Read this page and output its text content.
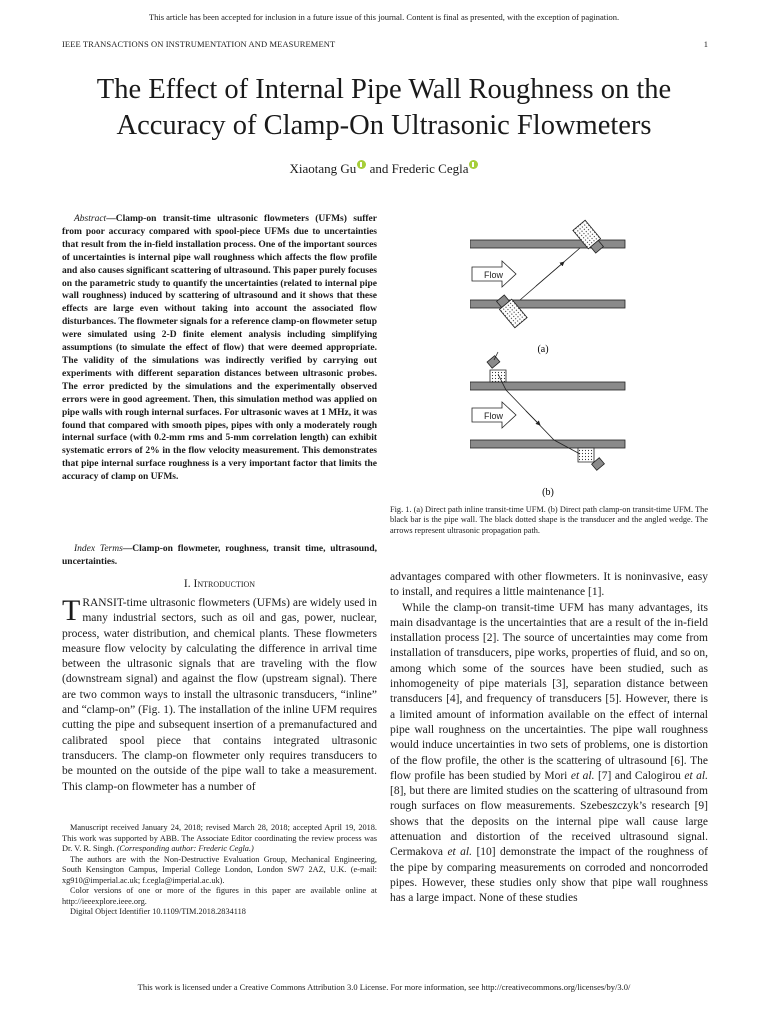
This article has been accepted for inclusion in a future issue of this journal. Content is final as presented, with the exception of pagination.
IEEE TRANSACTIONS ON INSTRUMENTATION AND MEASUREMENT	1
The Effect of Internal Pipe Wall Roughness on the Accuracy of Clamp-On Ultrasonic Flowmeters
Xiaotang Gu and Frederic Cegla
Abstract—Clamp-on transit-time ultrasonic flowmeters (UFMs) suffer from poor accuracy compared with spool-piece UFMs due to uncertainties that result from the in-field installation process. One of the important sources of uncertainties is internal pipe wall roughness which affects the flow profile and also causes significant scattering of ultrasound. This paper purely focuses on the parametric study to quantify the uncertainties (related to internal pipe wall roughness) induced by scattering of ultrasound and it shows that these effects are large even without taking into account the associated flow disturbances. The flowmeter signals for a reference clamp-on flowmeter setup were simulated using 2-D finite element analysis including simplifying assumptions (to simulate the effect of flow) that were deemed appropriate. The validity of the simulations was indirectly verified by carrying out experiments with different separation distances between ultrasonic probes. The error predicted by the simulations and the experimentally observed errors were in good agreement. Then, this simulation method was applied on pipe walls with rough internal surfaces. For ultrasonic waves at 1 MHz, it was found that compared with smooth pipes, pipes with only a moderately rough internal surface (with 0.2-mm rms and 5-mm correlation length) can exhibit systematic errors of 2% in the flow velocity measurement. This demonstrates that pipe internal surface roughness is a very important factor that limits the accuracy of clamp on UFMs.
Index Terms—Clamp-on flowmeter, roughness, transit time, ultrasound, uncertainties.
I. Introduction
TRANSIT-time ultrasonic flowmeters (UFMs) are widely used in many industrial sectors, such as oil and gas, power, nuclear, process, water distribution, and chemical plants. These flowmeters measure flow velocity by calculating the difference in arrival time between the ultrasonic signals that are traveling with the flow (downstream signal) and against the flow (upstream signal). There are two common ways to install the ultrasonic transducers, “inline” and “clamp-on” (Fig. 1). The installation of the inline UFM requires cutting the pipe and subsequent insertion of a premanufactured and calibrated spool piece that contains integrated ultrasonic transducers. The clamp-on flowmeter only requires transducers to be mounted on the outside of the pipe wall to take a measurement. This clamp-on flowmeter has a number of

Manuscript received January 24, 2018; revised March 28, 2018; accepted April 19, 2018. This work was supported by ABB. The Associate Editor coordinating the review process was Dr. V. R. Singh. (Corresponding author: Frederic Cegla.)

The authors are with the Non-Destructive Evaluation Group, Mechanical Engineering, South Kensington Campus, Imperial College London, London SW7 2AZ, U.K. (e-mail: xg910@imperial.ac.uk; f.cegla@imperial.ac.uk).

Color versions of one or more of the figures in this paper are available online at http://ieeexplore.ieee.org.

Digital Object Identifier 10.1109/TIM.2018.2834118

Flow
(a)
Flow
(b)
Fig. 1. (a) Direct path inline transit-time UFM. (b) Direct path clamp-on transit-time UFM. The black bar is the pipe wall. The black dotted shape is the transducer and the angled wedge. The arrows represent ultrasonic propagation path.

advantages compared with other flowmeters. It is noninvasive, easy to install, and requires a little maintenance [1].

While the clamp-on transit-time UFM has many advantages, its main disadvantage is the uncertainties that are a result of the in-field installation process [2]. The source of uncertainties may come from installation of transducers, pipe works, properties of fluid, and so on, among which some of the sources have been studied, such as inhomogeneity of pipe materials [3], separation distance between transducers [4], and frequency of transducers [5]. However, there is a limited amount of information available on the effect of internal pipe wall roughness on the uncertainties. The pipe wall roughness would induce uncertainties in two sets of problems, one is distortion of the flow profile, the other is the scattering of ultrasound [6]. The flow profile has been studied by Mori et al. [7] and Calogirou et al. [8], but there are limited studies on the scattering of ultrasound from rough surfaces on flow measurements. Szebeszczyk’s research [9] shows that the deposits on the internal pipe wall cause large attenuation and distortion of the received ultrasound signal. Cermakova et al. [10] demonstrate the impact of the roughness of the pipe by comparing measurements on corroded and noncorroded pipes. However, these studies only show that pipe wall roughness has a large impact. None of these studies

This work is licensed under a Creative Commons Attribution 3.0 License. For more information, see http://creativecommons.org/licenses/by/3.0/
